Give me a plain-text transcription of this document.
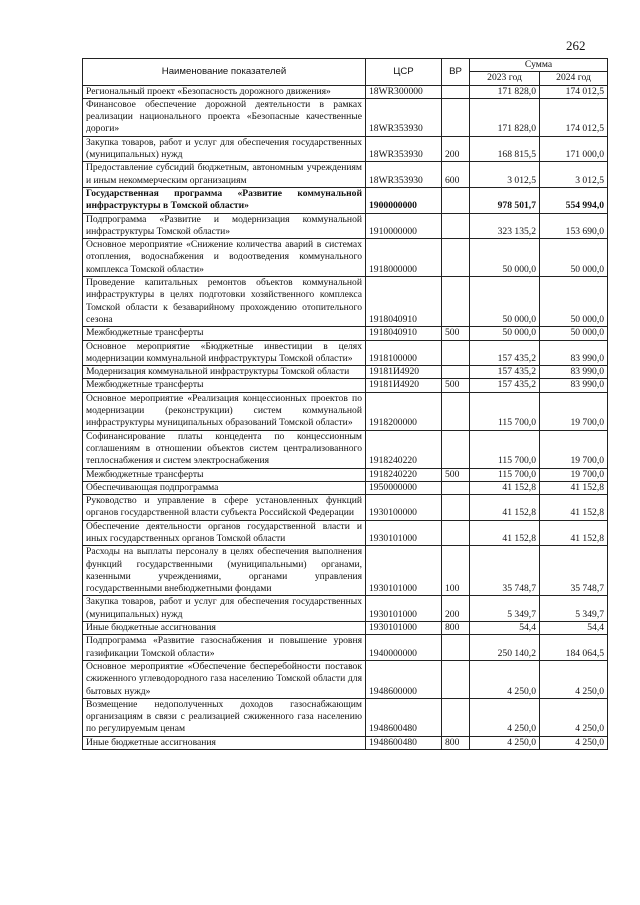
262
Наименование показателей	ЦСР	ВР	Сумма	
			2023 год	2024 год
Региональный проект «Безопасность дорожного движения»	18WR300000		171 828,0	174 012,5
Финансовое обеспечение дорожной деятельности в рамках реализации национального проекта «Безопасные качественные дороги»	18WR353930		171 828,0	174 012,5
Закупка товаров, работ и услуг для обеспечения государственных (муниципальных) нужд	18WR353930	200	168 815,5	171 000,0
Предоставление субсидий бюджетным, автономным учреждениям и иным некоммерческим организациям	18WR353930	600	3 012,5	3 012,5
Государственная программа «Развитие коммунальной инфраструктуры в Томской области»	1900000000		978 501,7	554 994,0
Подпрограмма «Развитие и модернизация коммунальной инфраструктуры Томской области»	1910000000		323 135,2	153 690,0
Основное мероприятие «Снижение количества аварий в системах отопления, водоснабжения и водоотведения коммунального комплекса Томской области»	1918000000		50 000,0	50 000,0
Проведение капитальных ремонтов объектов коммунальной инфраструктуры в целях подготовки хозяйственного комплекса Томской области к безаварийному прохождению отопительного сезона	1918040910		50 000,0	50 000,0
Межбюджетные трансферты	1918040910	500	50 000,0	50 000,0
Основное мероприятие «Бюджетные инвестиции в целях модернизации коммунальной инфраструктуры Томской области»	1918100000		157 435,2	83 990,0
Модернизация коммунальной инфраструктуры Томской области	19181И4920		157 435,2	83 990,0
Межбюджетные трансферты	19181И4920	500	157 435,2	83 990,0
Основное мероприятие «Реализация концессионных проектов по модернизации (реконструкции) систем коммунальной инфраструктуры муниципальных образований Томской области»	1918200000		115 700,0	19 700,0
Софинансирование платы концедента по концессионным соглашениям в отношении объектов систем централизованного теплоснабжения и систем электроснабжения	1918240220		115 700,0	19 700,0
Межбюджетные трансферты	1918240220	500	115 700,0	19 700,0
Обеспечивающая подпрограмма	1950000000		41 152,8	41 152,8
Руководство и управление в сфере установленных функций органов государственной власти субъекта Российской Федерации	1930100000		41 152,8	41 152,8
Обеспечение деятельности органов государственной власти и иных государственных органов Томской области	1930101000		41 152,8	41 152,8
Расходы на выплаты персоналу в целях обеспечения выполнения функций государственными (муниципальными) органами, казенными учреждениями, органами управления государственными внебюджетными фондами	1930101000	100	35 748,7	35 748,7
Закупка товаров, работ и услуг для обеспечения государственных (муниципальных) нужд	1930101000	200	5 349,7	5 349,7
Иные бюджетные ассигнования	1930101000	800	54,4	54,4
Подпрограмма «Развитие газоснабжения и повышение уровня газификации Томской области»	1940000000		250 140,2	184 064,5
Основное мероприятие «Обеспечение бесперебойности поставок сжиженного углеводородного газа населению Томской области для бытовых нужд»	1948600000		4 250,0	4 250,0
Возмещение недополученных доходов газоснабжающим организациям в связи с реализацией сжиженного газа населению по регулируемым ценам	1948600480		4 250,0	4 250,0
Иные бюджетные ассигнования	1948600480	800	4 250,0	4 250,0
